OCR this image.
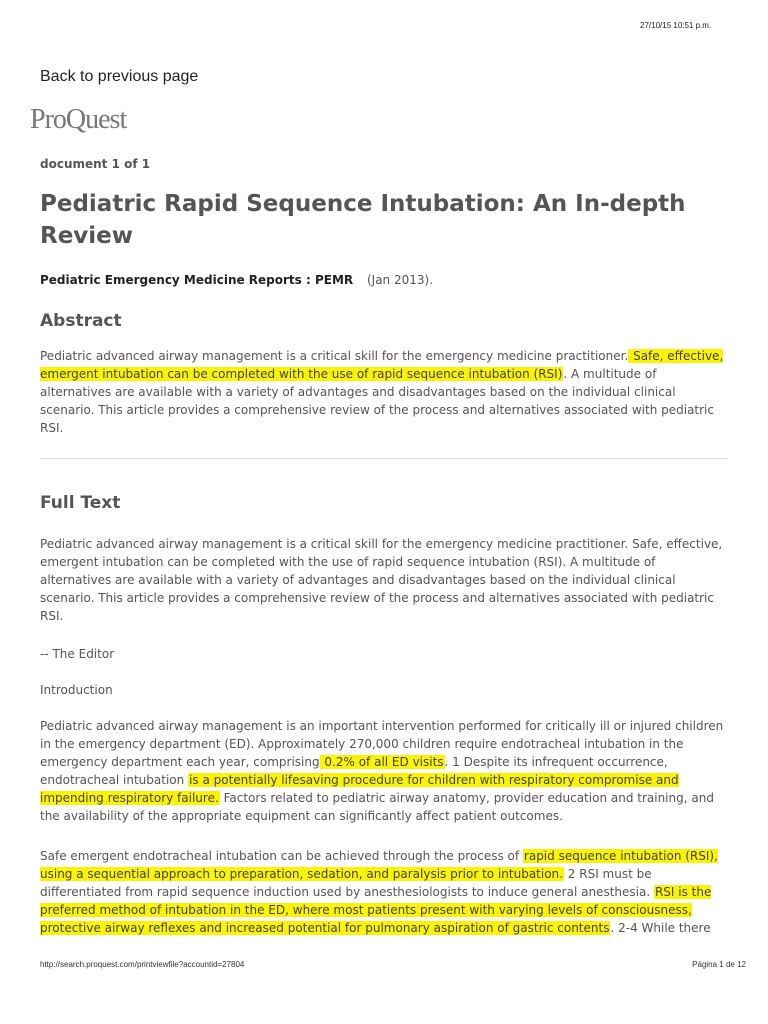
27/10/15 10:51 p.m.
Back to previous page
ProQuest
document 1 of 1
Pediatric Rapid Sequence Intubation: An In-depth Review
Pediatric Emergency Medicine Reports : PEMR (Jan 2013).
Abstract

Pediatric advanced airway management is a critical skill for the emergency medicine practitioner. Safe, effective, emergent intubation can be completed with the use of rapid sequence intubation (RSI). A multitude of alternatives are available with a variety of advantages and disadvantages based on the individual clinical scenario. This article provides a comprehensive review of the process and alternatives associated with pediatric RSI.

Full Text

Pediatric advanced airway management is a critical skill for the emergency medicine practitioner. Safe, effective, emergent intubation can be completed with the use of rapid sequence intubation (RSI). A multitude of alternatives are available with a variety of advantages and disadvantages based on the individual clinical scenario. This article provides a comprehensive review of the process and alternatives associated with pediatric RSI.

-- The Editor

Introduction

Pediatric advanced airway management is an important intervention performed for critically ill or injured children in the emergency department (ED). Approximately 270,000 children require endotracheal intubation in the emergency department each year, comprising 0.2% of all ED visits. 1 Despite its infrequent occurrence, endotracheal intubation is a potentially lifesaving procedure for children with respiratory compromise and impending respiratory failure. Factors related to pediatric airway anatomy, provider education and training, and the availability of the appropriate equipment can significantly affect patient outcomes.

Safe emergent endotracheal intubation can be achieved through the process of rapid sequence intubation (RSI), using a sequential approach to preparation, sedation, and paralysis prior to intubation. 2 RSI must be differentiated from rapid sequence induction used by anesthesiologists to induce general anesthesia. RSI is the preferred method of intubation in the ED, where most patients present with varying levels of consciousness, protective airway reflexes and increased potential for pulmonary aspiration of gastric contents. 2-4 While there

http://search.proquest.com/printviewfile?accountid=27804	Página 1 de 12
